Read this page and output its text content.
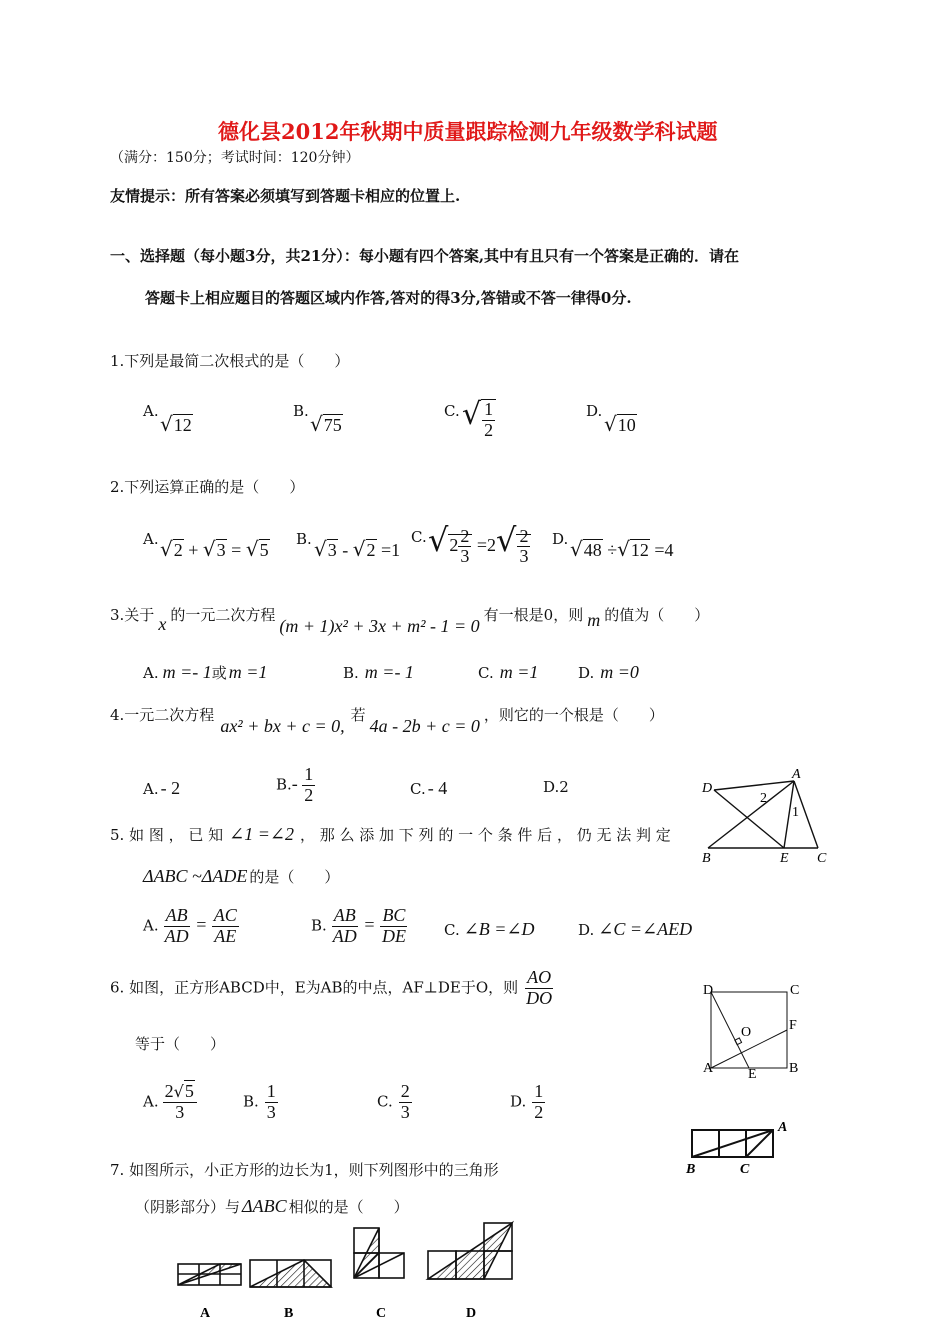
德化县2012年秋期中质量跟踪检测九年级数学科试题
（满分：150分；考试时间：120分钟）
友情提示：所有答案必须填写到答题卡相应的位置上.
一、选择题（每小题3分，共21分）：每小题有四个答案,其中有且只有一个答案是正确的．请在
答题卡上相应题目的答题区域内作答,答对的得3分,答错或不答一律得0分.
1.下列是最简二次根式的是（　　）
A.
√12
B.
√75
C. √ $\frac{1}{2}$	D.
√10
2.下列运算正确的是（　　）
A. √2 + √3 = √5
B. √3 - √2 =1
C. $√2 \frac{2}{3} =2√ \frac{2}{3} D$. √48 ÷√12 =4
3.关于 x 的一元二次方程(m + 1)x² + 3x + m² - 1 = 0有一根是0，则 m 的值为（　　）
A. m =- 1或 m =1	B. m =- 1	C. m =1	D. m =0
4.一元二次方程ax² + bx + c = 0,若4a - 2b + c = 0，则它的一个根是（　　）
A. - 2	$B.- \frac{1}{2}$	C. - 4	D.2
A
D
B	E C
1
2
5. 如 图 ， 已 知 ∠1 =∠2 ， 那 么 添 加 下 列 的 一 个 条 件 后 ， 仍 无 法 判 定
ΔABC ~ΔADE 的是（　　）
A. $\frac{AB}{AD} = \frac{AC}{AE}$	B. $\frac{AB}{AD} = \frac{BC}{DE} C$. ∠B =∠D	D. ∠C =∠AED
6. 如图，正方形ABCD中，E为AB的中点，AF⊥DE于O，则 $\frac{AO}{DO}$
等于（　　）
A. $\frac{2√5}{3}$	B. $\frac{1}{3}$	C. $\frac{2}{3}$	D. $\frac{1}{2}$
D	C
F
A E B
O
A
B	C
7. 如图所示，小正方形的边长为1，则下列图形中的三角形
（阴影部分）与 ΔABC 相似的是（　　）
A	B	C	D
